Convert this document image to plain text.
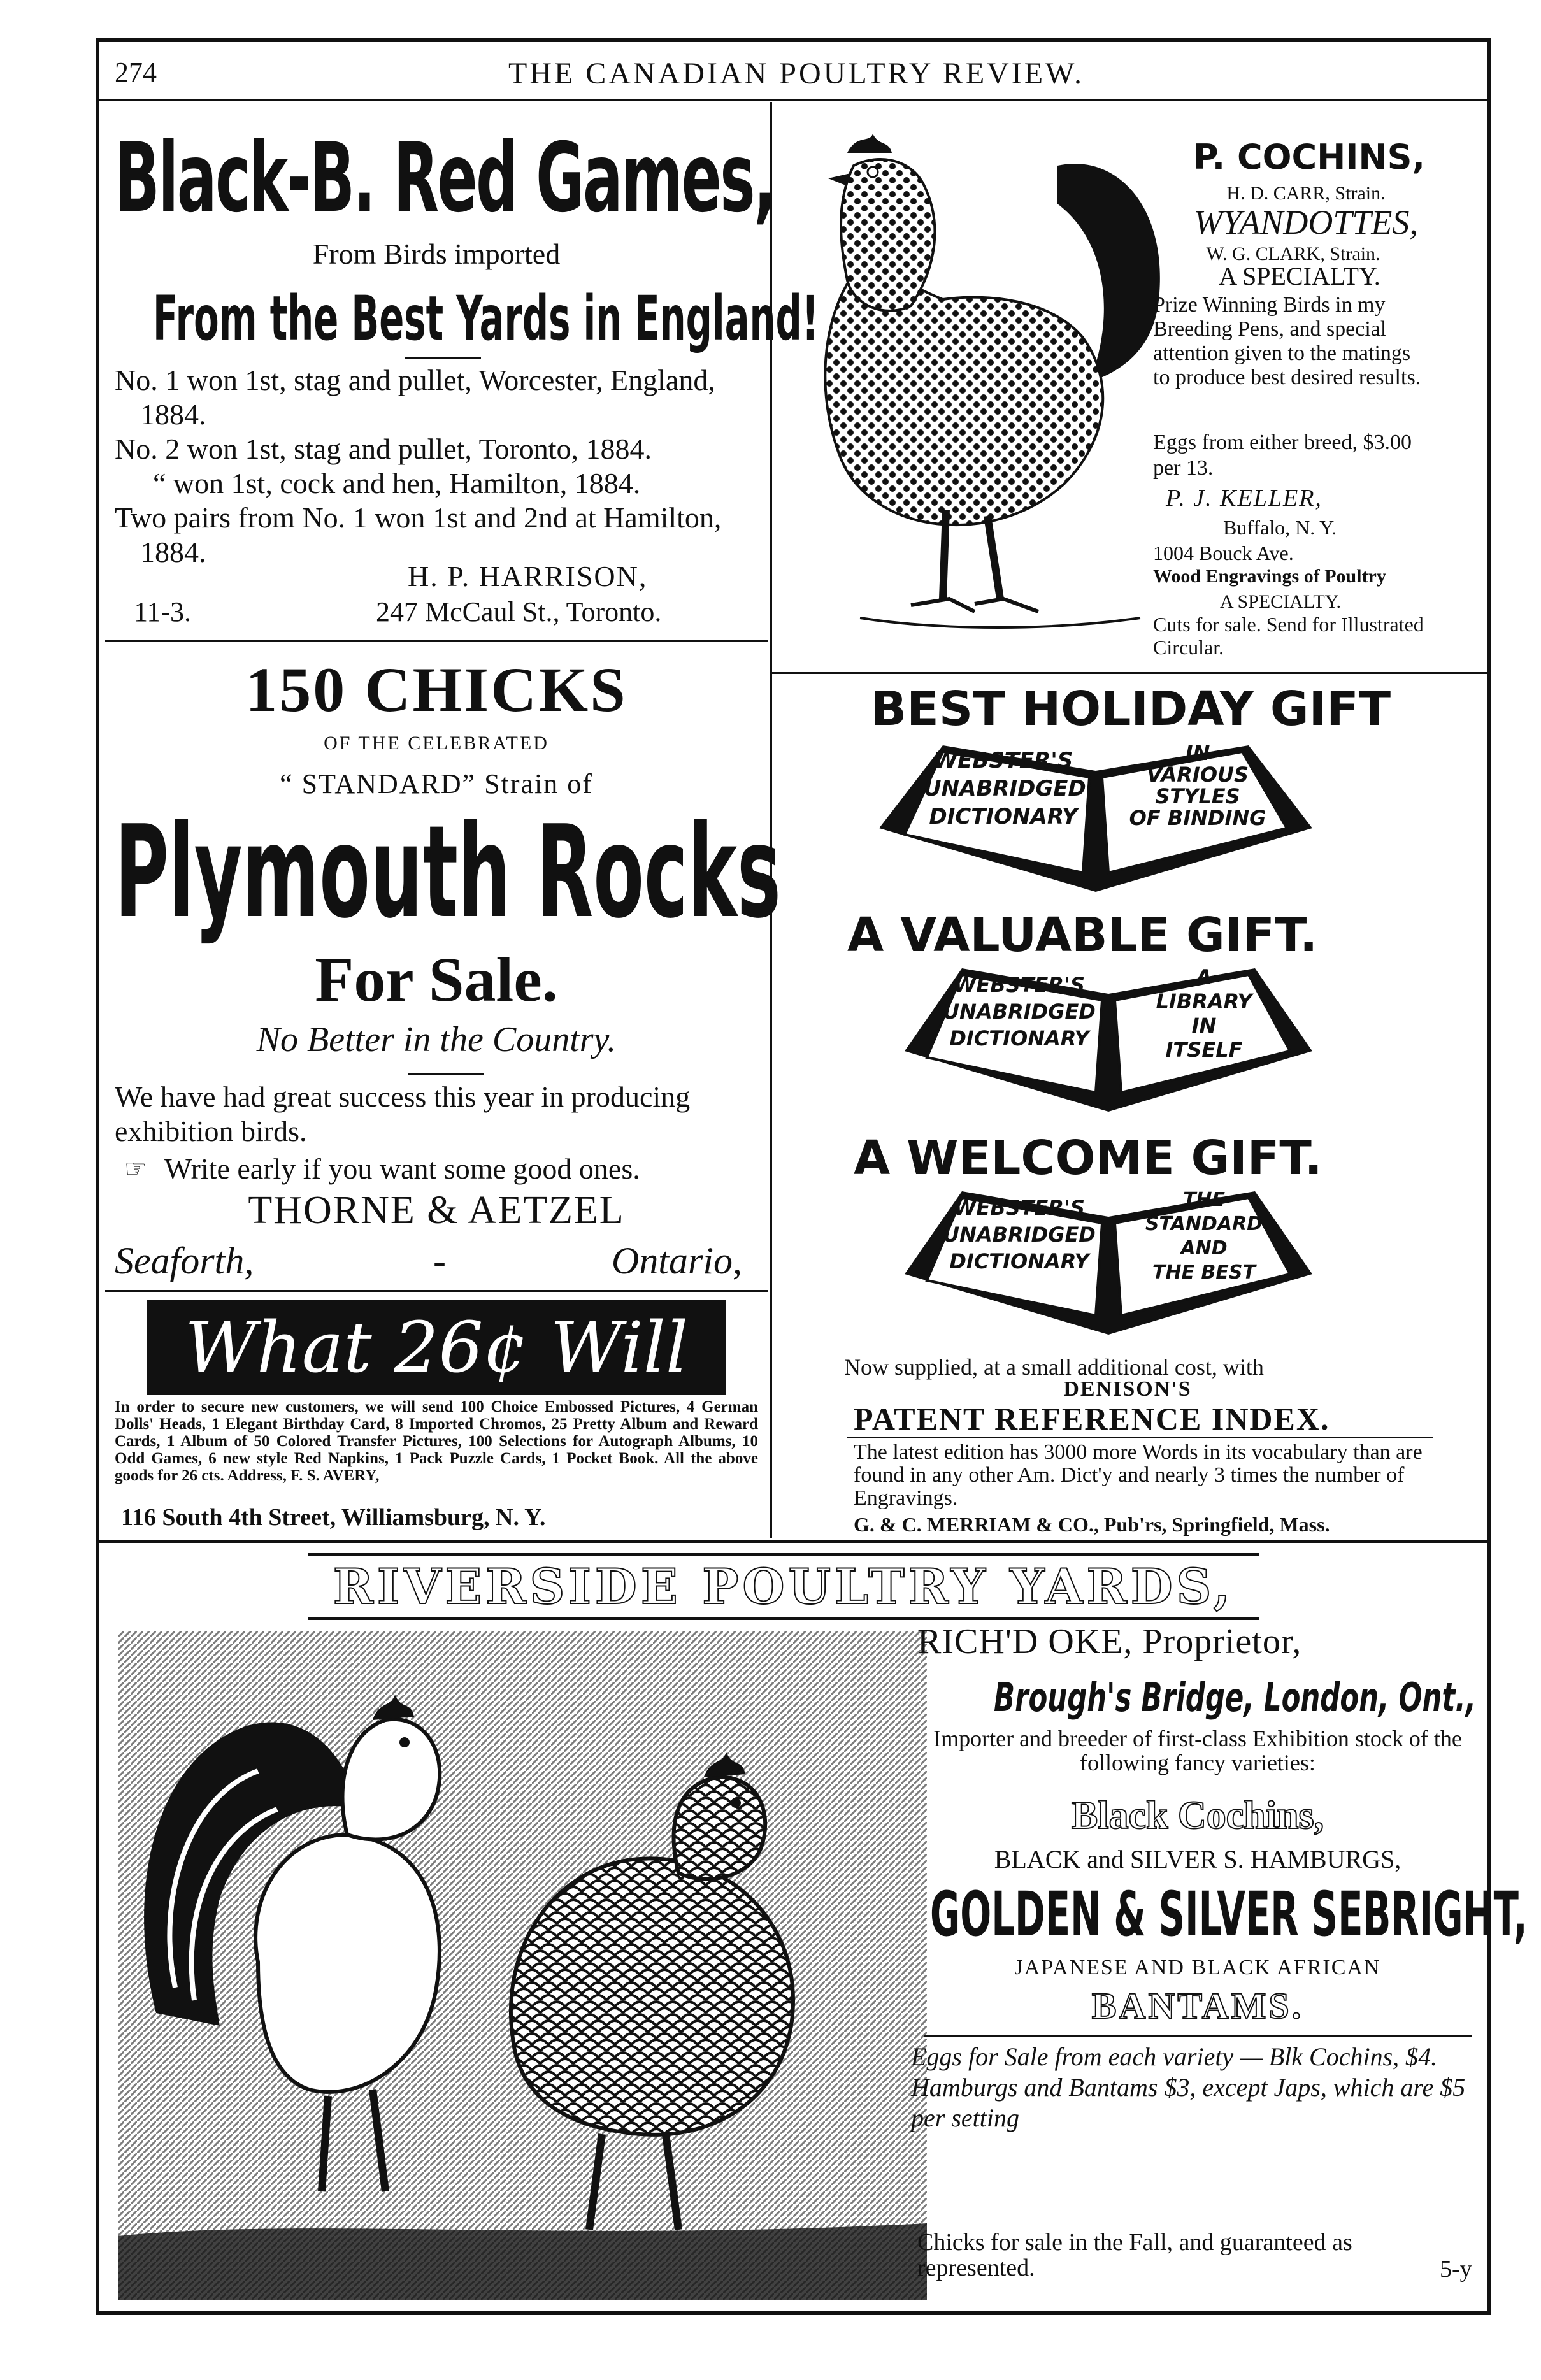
274	THE CANADIAN POULTRY REVIEW.
Black-B. Red Games,
From Birds imported
From the Best Yards in England!
No. 1 won 1st, stag and pullet, Worcester, England, 1884.
No. 2 won 1st, stag and pullet, Toronto, 1884.
“ won 1st, cock and hen, Hamilton, 1884.
Two pairs from No. 1 won 1st and 2nd at Hamilton, 1884.
H. P. HARRISON,
11-3.	247 McCaul St., Toronto.
P. COCHINS,
H. D. CARR, Strain.
WYANDOTTES,
W. G. CLARK, Strain.
A SPECIALTY.
Prize Winning Birds in my Breeding Pens, and special attention given to the matings to produce best desired results.
Eggs from either breed, $3.00 per 13.
P. J. KELLER,
Buffalo, N. Y.
1004 Bouck Ave.
Wood Engravings of Poultry
A SPECIALTY.
Cuts for sale. Send for Illustrated Circular.
150 CHICKS
OF THE CELEBRATED
“ STANDARD” Strain of
Plymouth Rocks
For Sale.
No Better in the Country.
We have had great success this year in producing exhibition birds.
☞ Write early if you want some good ones.
THORNE & AETZEL
Seaforth,	-	Ontario,
What 26¢ Will Do!!
In order to secure new customers, we will send 100 Choice Embossed Pictures, 4 German Dolls' Heads, 1 Elegant Birthday Card, 8 Imported Chromos, 25 Pretty Album and Reward Cards, 1 Album of 50 Colored Transfer Pictures, 100 Selections for Autograph Albums, 10 Odd Games, 6 new style Red Napkins, 1 Pack Puzzle Cards, 1 Pocket Book. All the above goods for 26 cts. Address, F. S. AVERY,
116 South 4th Street, Williamsburg, N. Y.
BEST HOLIDAY GIFT
WEBSTER'S
UNABRIDGED
DICTIONARY
IN
VARIOUS
STYLES
OF BINDING
A VALUABLE GIFT.
WEBSTER'S
UNABRIDGED
DICTIONARY
A
LIBRARY
IN
ITSELF
A WELCOME GIFT.
WEBSTER'S
UNABRIDGED
DICTIONARY
THE
STANDARD
AND
THE BEST
Now supplied, at a small additional cost, with
DENISON'S
PATENT REFERENCE INDEX.
The latest edition has 3000 more Words in its vocabulary than are found in any other Am. Dict'y and nearly 3 times the number of Engravings.
G. & C. MERRIAM & CO., Pub'rs, Springfield, Mass.
RIVERSIDE POULTRY YARDS,
RICH'D OKE, Proprietor,
Brough's Bridge, London, Ont.,
Importer and breeder of first-class Exhibition stock of the following fancy varieties:
Black Cochins,
BLACK and SILVER S. HAMBURGS,
GOLDEN & SILVER SEBRIGHT,
JAPANESE AND BLACK AFRICAN
BANTAMS.
Eggs for Sale from each variety — Blk Cochins, $4. Hamburgs and Bantams $3, except Japs, which are $5 per setting
Chicks for sale in the Fall, and guaranteed as represented.	5-y
